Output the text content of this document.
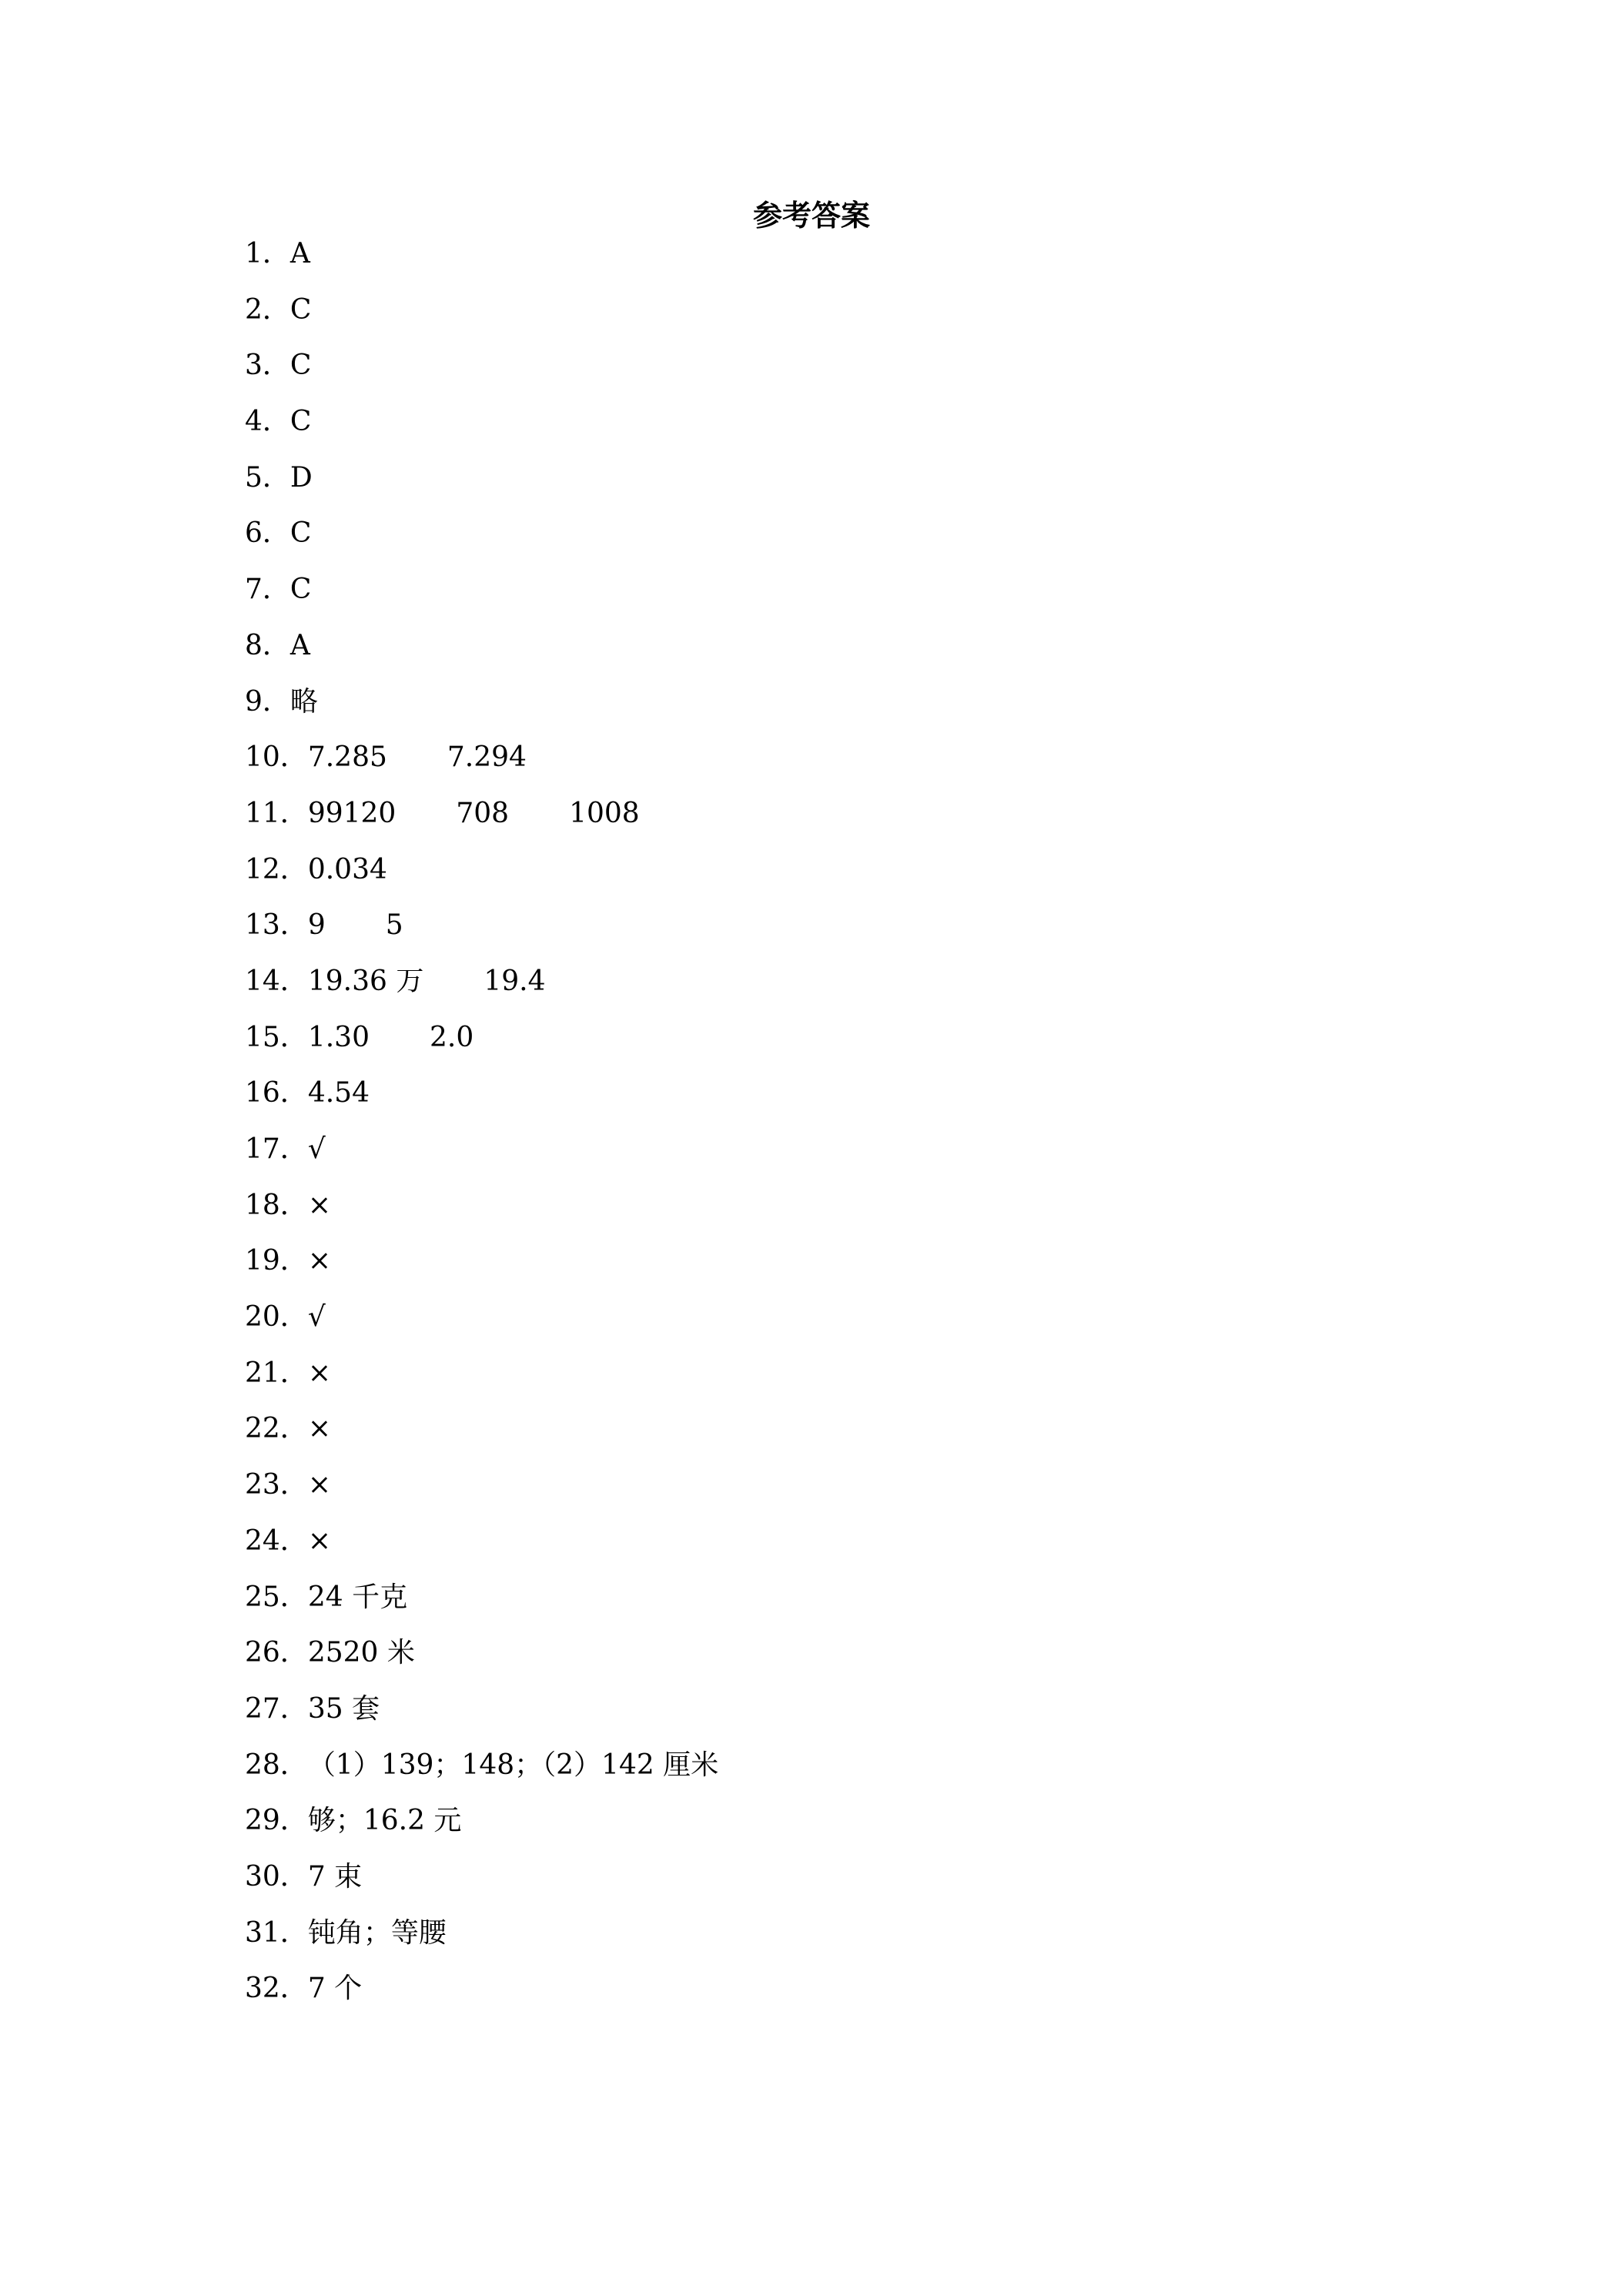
参考答案
1．A
2．C
3．C
4．C
5．D
6．C
7．C
8．A
9．略
10．7.285 7.294
11．99120 708 1008
12．0.034
13．9 5
14．19.36 万 19.4
15．1.30 2.0
16．4.54
17．√
18．×
19．×
20．√
21．×
22．×
23．×
24．×
25．24 千克
26．2520 米
27．35 套
28．（1）139；148；（2）142 厘米
29．够；16.2 元
30．7 束
31．钝角；等腰
32．7 个
